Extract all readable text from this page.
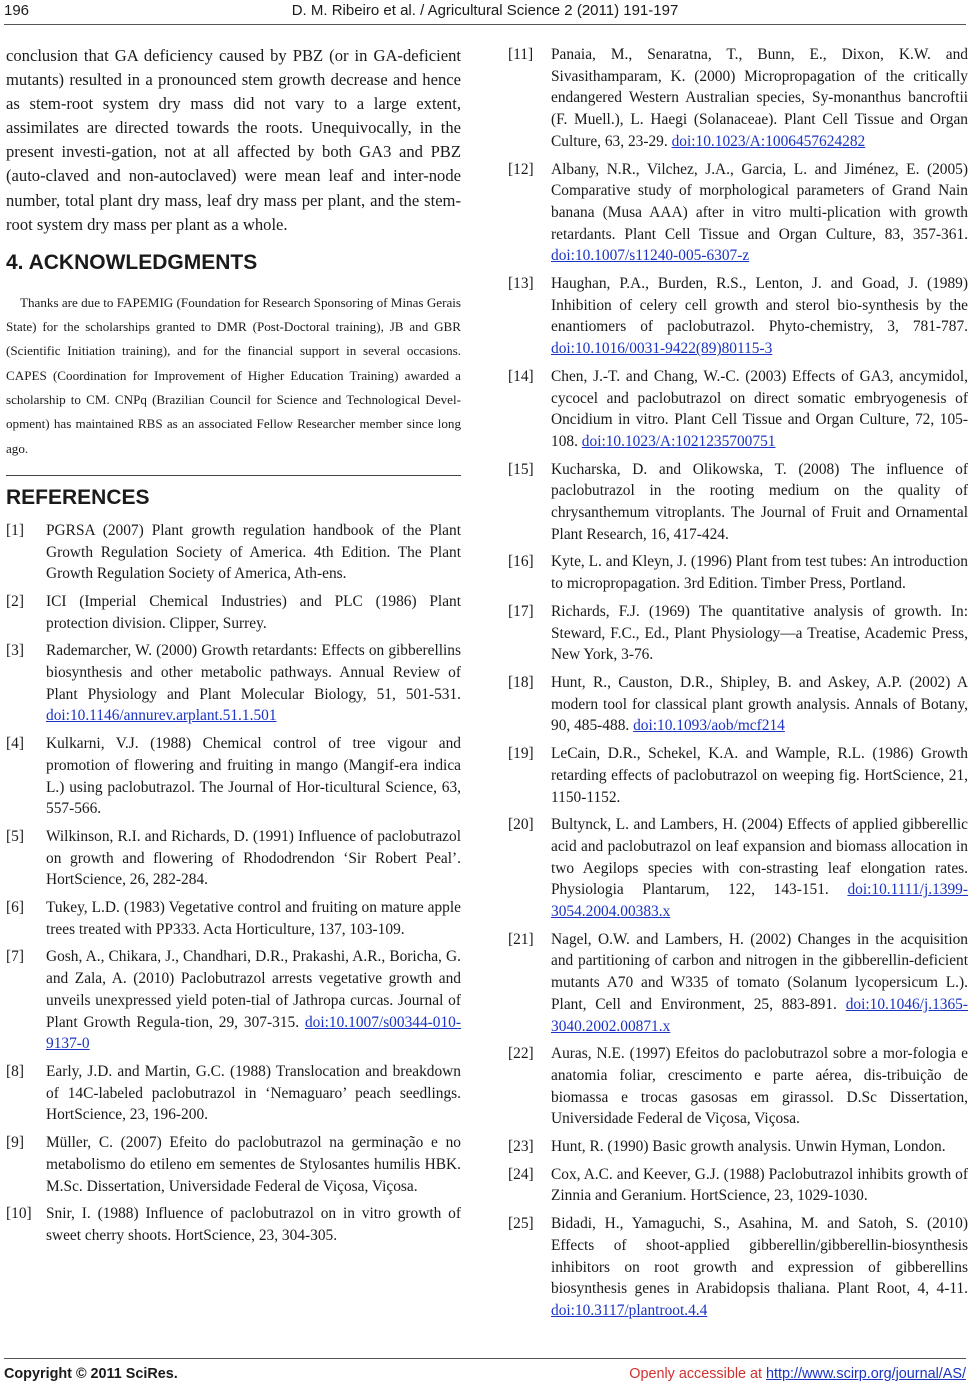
196	D. M. Ribeiro et al. / Agricultural Science 2 (2011) 191-197

conclusion that GA deficiency caused by PBZ (or in GA-deficient mutants) resulted in a pronounced stem growth decrease and hence as stem-root system dry mass did not vary to a large extent, assimilates are directed towards the roots. Unequivocally, in the present investi-gation, not at all affected by both GA3 and PBZ (auto-claved and non-autoclaved) were mean leaf and inter-node number, total plant dry mass, leaf dry mass per plant, and the stem-root system dry mass per plant as a whole.

4. ACKNOWLEDGMENTS

Thanks are due to FAPEMIG (Foundation for Research Sponsoring of Minas Gerais State) for the scholarships granted to DMR (Post-Doctoral training), JB and GBR (Scientific Initiation training), and for the financial support in several occasions. CAPES (Coordination for Improvement of Higher Education Training) awarded a scholarship to CM. CNPq (Brazilian Council for Science and Technological Devel-opment) has maintained RBS as an associated Fellow Researcher member since long ago.

REFERENCES
[1]	PGRSA (2007) Plant growth regulation handbook of the Plant Growth Regulation Society of America. 4th Edition. The Plant Growth Regulation Society of America, Ath-ens.
[2]	ICI (Imperial Chemical Industries) and PLC (1986) Plant protection division. Clipper, Surrey.
[3]	Rademarcher, W. (2000) Growth retardants: Effects on gibberellins biosynthesis and other metabolic pathways. Annual Review of Plant Physiology and Plant Molecular Biology, 51, 501-531. doi:10.1146/annurev.arplant.51.1.501
[4]	Kulkarni, V.J. (1988) Chemical control of tree vigour and promotion of flowering and fruiting in mango (Mangif-era indica L.) using paclobutrazol. The Journal of Hor-ticultural Science, 63, 557-566.
[5]	Wilkinson, R.I. and Richards, D. (1991) Influence of paclobutrazol on growth and flowering of Rhododrendon ‘Sir Robert Peal’. HortScience, 26, 282-284.
[6]	Tukey, L.D. (1983) Vegetative control and fruiting on mature apple trees treated with PP333. Acta Horticulture, 137, 103-109.
[7]	Gosh, A., Chikara, J., Chandhari, D.R., Prakashi, A.R., Boricha, G. and Zala, A. (2010) Paclobutrazol arrests vegetative growth and unveils unexpressed yield poten-tial of Jathropa curcas. Journal of Plant Growth Regula-tion, 29, 307-315. doi:10.1007/s00344-010-9137-0
[8]	Early, J.D. and Martin, G.C. (1988) Translocation and breakdown of 14C-labeled paclobutrazol in ‘Nemaguaro’ peach seedlings. HortScience, 23, 196-200.
[9]	Müller, C. (2007) Efeito do paclobutrazol na germinação e no metabolismo do etileno em sementes de Stylosantes humilis HBK. M.Sc. Dissertation, Universidade Federal de Viçosa, Viçosa.
[10] Snir, I. (1988) Influence of paclobutrazol on in vitro growth of sweet cherry shoots. HortScience, 23, 304-305.
[11]	Panaia, M., Senaratna, T., Bunn, E., Dixon, K.W. and Sivasithamparam, K. (2000) Micropropagation of the critically endangered Western Australian species, Sy-monanthus bancroftii (F. Muell.), L. Haegi (Solanaceae). Plant Cell Tissue and Organ Culture, 63, 23-29. doi:10.1023/A:1006457624282
[12]	Albany, N.R., Vilchez, J.A., Garcia, L. and Jiménez, E. (2005) Comparative study of morphological parameters of Grand Nain banana (Musa AAA) after in vitro multi-plication with growth retardants. Plant Cell Tissue and Organ Culture, 83, 357-361. doi:10.1007/s11240-005-6307-z
[13]	Haughan, P.A., Burden, R.S., Lenton, J. and Goad, J. (1989) Inhibition of celery cell growth and sterol bio-synthesis by the enantiomers of paclobutrazol. Phyto-chemistry, 3, 781-787. doi:10.1016/0031-9422(89)80115-3
[14]	Chen, J.-T. and Chang, W.-C. (2003) Effects of GA3, ancymidol, cycocel and paclobutrazol on direct somatic embryogenesis of Oncidium in vitro. Plant Cell Tissue and Organ Culture, 72, 105-108. doi:10.1023/A:1021235700751
[15]	Kucharska, D. and Olikowska, T. (2008) The influence of paclobutrazol in the rooting medium on the quality of chrysanthemum vitroplants. The Journal of Fruit and Ornamental Plant Research, 16, 417-424.
[16]	Kyte, L. and Kleyn, J. (1996) Plant from test tubes: An introduction to micropropagation. 3rd Edition. Timber Press, Portland.
[17]	Richards, F.J. (1969) The quantitative analysis of growth. In: Steward, F.C., Ed., Plant Physiology—a Treatise, Academic Press, New York, 3-76.
[18]	Hunt, R., Causton, D.R., Shipley, B. and Askey, A.P. (2002) A modern tool for classical plant growth analysis. Annals of Botany, 90, 485-488. doi:10.1093/aob/mcf214
[19]	LeCain, D.R., Schekel, K.A. and Wample, R.L. (1986) Growth retarding effects of paclobutrazol on weeping fig. HortScience, 21, 1150-1152.
[20]	Bultynck, L. and Lambers, H. (2004) Effects of applied gibberellic acid and paclobutrazol on leaf expansion and biomass allocation in two Aegilops species with con-strasting leaf elongation rates. Physiologia Plantarum, 122, 143-151. doi:10.1111/j.1399-3054.2004.00383.x
[21]	Nagel, O.W. and Lambers, H. (2002) Changes in the acquisition and partitioning of carbon and nitrogen in the gibberellin-deficient mutants A70 and W335 of tomato (Solanum lycopersicum L.). Plant, Cell and Environment, 25, 883-891. doi:10.1046/j.1365-3040.2002.00871.x
[22]	Auras, N.E. (1997) Efeitos do paclobutrazol sobre a mor-fologia e anatomia foliar, crescimento e parte aérea, dis-tribuição de biomassa e trocas gasosas em girassol. D.Sc Dissertation, Universidade Federal de Viçosa, Viçosa.
[23]	Hunt, R. (1990) Basic growth analysis. Unwin Hyman, London.
[24]	Cox, A.C. and Keever, G.J. (1988) Paclobutrazol inhibits growth of Zinnia and Geranium. HortScience, 23, 1029-1030.
[25]	Bidadi, H., Yamaguchi, S., Asahina, M. and Satoh, S. (2010) Effects of shoot-applied gibberellin/gibberellin-biosynthesis inhibitors on root growth and expression of gibberellins biosynthesis genes in Arabidopsis thaliana. Plant Root, 4, 4-11. doi:10.3117/plantroot.4.4
Copyright © 2011 SciRes.	Openly accessible at http://www.scirp.org/journal/AS/
